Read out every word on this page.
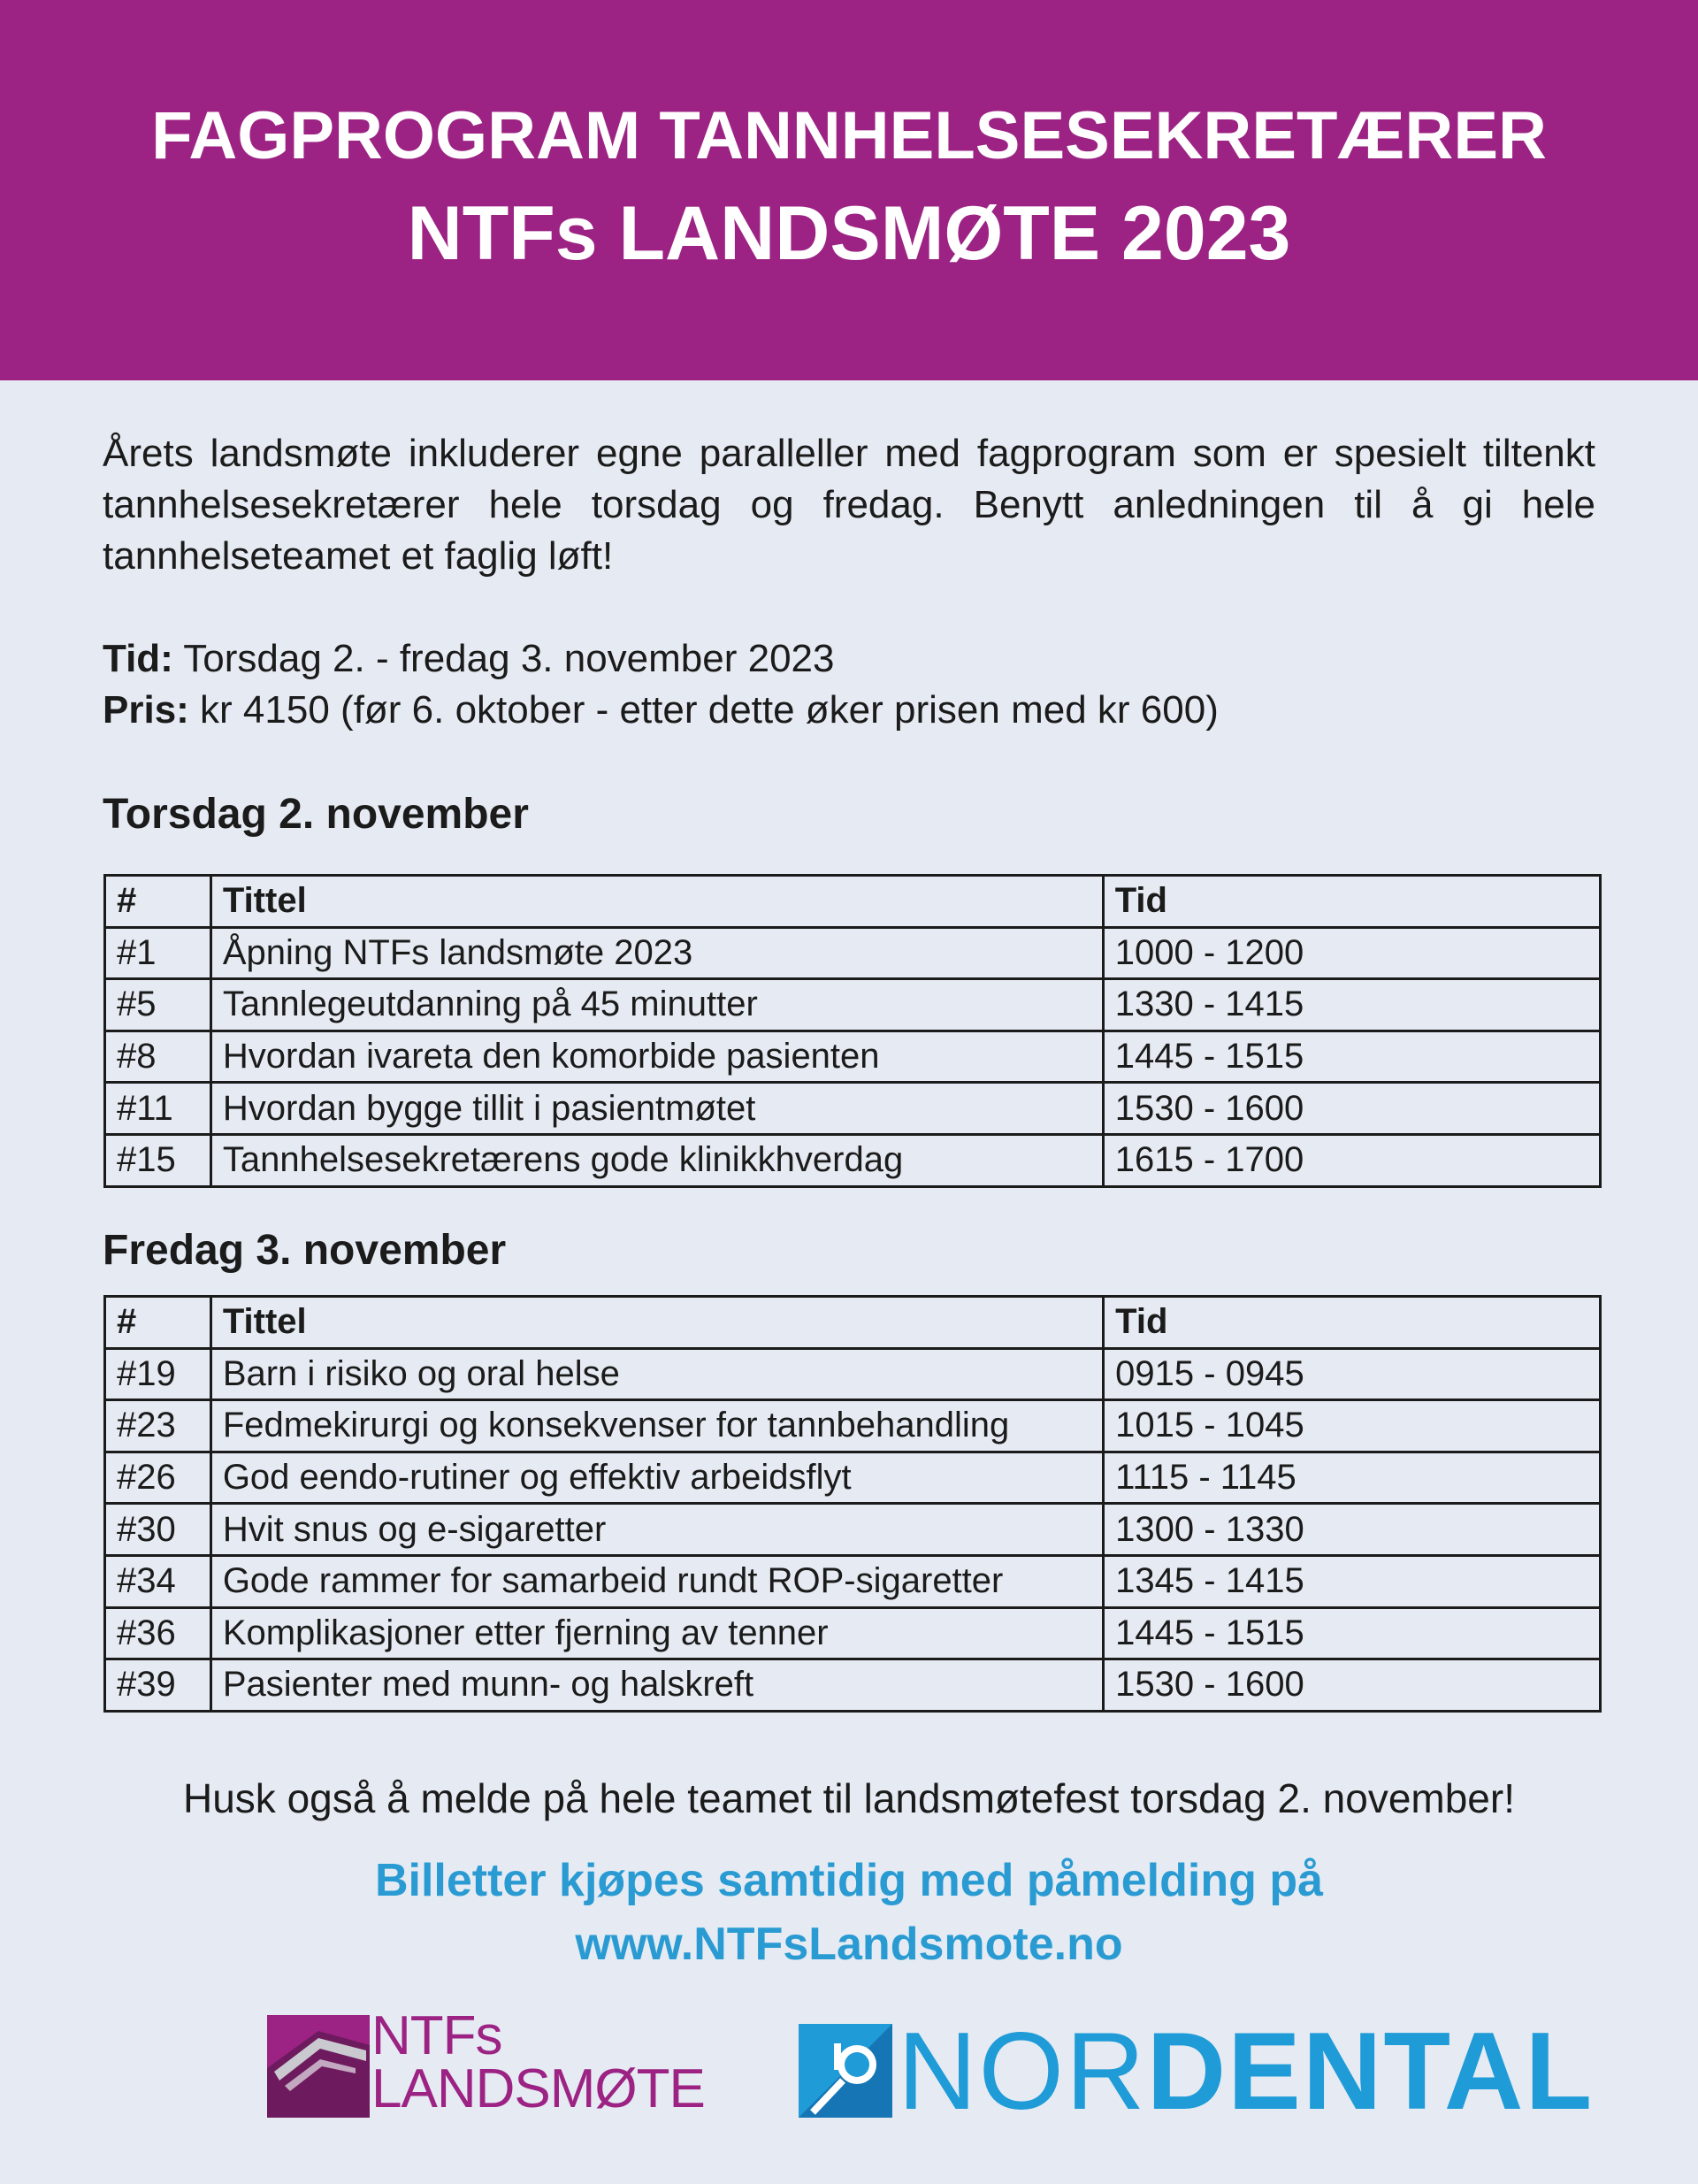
FAGPROGRAM TANNHELSESEKRETÆRER
NTFs LANDSMØTE 2023

Årets landsmøte inkluderer egne paralleller med fagprogram som er spesielt tiltenkt tannhelsesekretærer hele torsdag og fredag. Benytt anledningen til å gi hele tannhelseteamet et faglig løft!

Tid: Torsdag 2. - fredag 3. november 2023
Pris: kr 4150 (før 6. oktober - etter dette øker prisen med kr 600)
Torsdag 2. november
#	Tittel	Tid
#1	Åpning NTFs landsmøte 2023	1000 - 1200
#5	Tannlegeutdanning på 45 minutter	1330 - 1415
#8	Hvordan ivareta den komorbide pasienten	1445 - 1515
#11	Hvordan bygge tillit i pasientmøtet	1530 - 1600
#15	Tannhelsesekretærens gode klinikkhverdag	1615 - 1700
Fredag 3. november
#	Tittel	Tid
#19	Barn i risiko og oral helse	0915 - 0945
#23	Fedmekirurgi og konsekvenser for tannbehandling	1015 - 1045
#26	God eendo-rutiner og effektiv arbeidsflyt	1115 - 1145
#30	Hvit snus og e-sigaretter	1300 - 1330
#34	Gode rammer for samarbeid rundt ROP-sigaretter	1345 - 1415
#36	Komplikasjoner etter fjerning av tenner	1445 - 1515
#39	Pasienter med munn- og halskreft	1530 - 1600
Husk også å melde på hele teamet til landsmøtefest torsdag 2. november!
Billetter kjøpes samtidig med påmelding på
www.NTFsLandsmote.no
NTFs
LANDSMØTE NORDENTAL
